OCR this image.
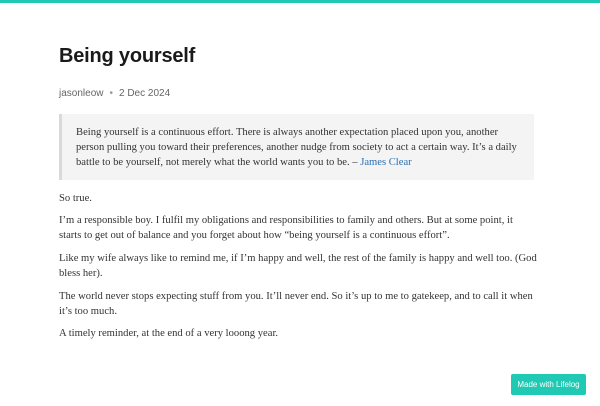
Being yourself
jasonleow • 2 Dec 2024
Being yourself is a continuous effort. There is always another expectation placed upon you, another person pulling you toward their preferences, another nudge from society to act a certain way. It’s a daily battle to be yourself, not merely what the world wants you to be. – James Clear

So true.

I’m a responsible boy. I fulfil my obligations and responsibilities to family and others. But at some point, it starts to get out of balance and you forget about how “being yourself is a continuous effort”.

Like my wife always like to remind me, if I’m happy and well, the rest of the family is happy and well too. (God bless her).

The world never stops expecting stuff from you. It’ll never end. So it’s up to me to gatekeep, and to call it when it’s too much.

A timely reminder, at the end of a very looong year.

Made with Lifelog
